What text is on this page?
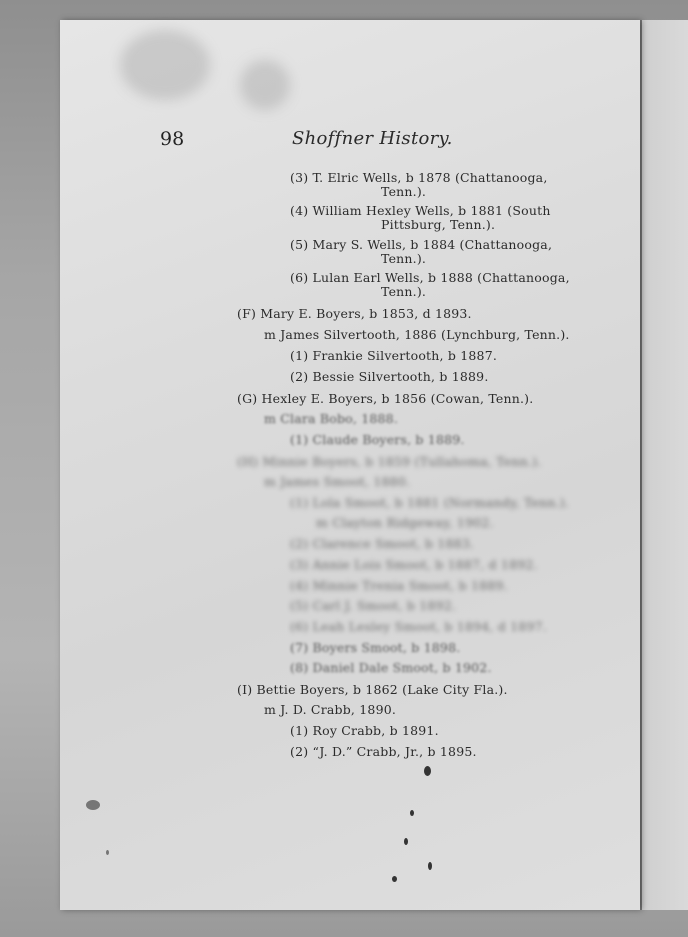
98	Shoffner History.
(3) T. Elric Wells, b 1878 (Chattanooga,
Tenn.).
(4) William Hexley Wells, b 1881 (South
Pittsburg, Tenn.).
(5) Mary S. Wells, b 1884 (Chattanooga,
Tenn.).
(6) Lulan Earl Wells, b 1888 (Chattanooga,
Tenn.).
(F) Mary E. Boyers, b 1853, d 1893.
m James Silvertooth, 1886 (Lynchburg, Tenn.).
(1) Frankie Silvertooth, b 1887.
(2) Bessie Silvertooth, b 1889.
(G) Hexley E. Boyers, b 1856 (Cowan, Tenn.).
m Clara Bobo, 1888.
(1) Claude Boyers, b 1889.
(H) Minnie Boyers, b 1859 (Tullahoma, Tenn.).
m James Smoot, 1880.
(1) Lola Smoot, b 1881 (Normandy, Tenn.).
m Clayton Ridgeway, 1902.
(2) Clarence Smoot, b 1883.
(3) Annie Lois Smoot, b 1887, d 1892.
(4) Minnie Trenia Smoot, b 1889.
(5) Carl J. Smoot, b 1892.
(6) Leah Lesley Smoot, b 1894, d 1897.
(7) Boyers Smoot, b 1898.
(8) Daniel Dale Smoot, b 1902.
(I) Bettie Boyers, b 1862 (Lake City Fla.).
m J. D. Crabb, 1890.
(1) Roy Crabb, b 1891.
(2) “J. D.” Crabb, Jr., b 1895.
